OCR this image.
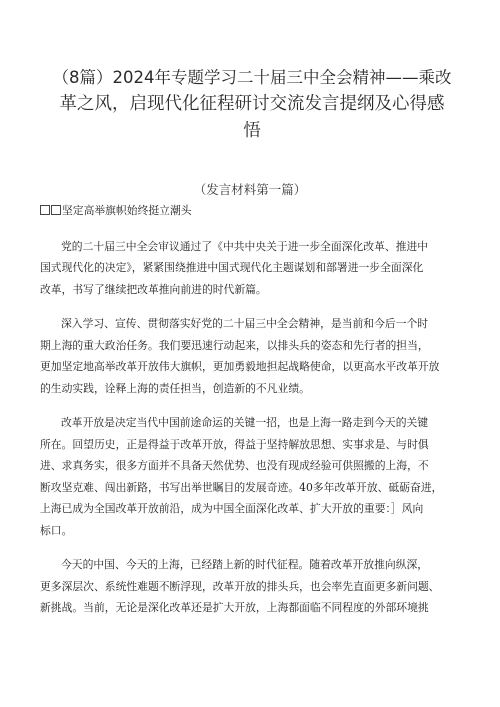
（8篇）2024年专题学习二十届三中全会精神——乘改
革之风，启现代化征程研讨交流发言提纲及心得感
悟

（发言材料第一篇）

坚定高举旗帜始终挺立潮头

党的二十届三中全会审议通过了《中共中央关于进一步全面深化改革、推进中
国式现代化的决定》，紧紧围绕推进中国式现代化主题谋划和部署进一步全面深化
改革，书写了继续把改革推向前进的时代新篇。

深入学习、宣传、贯彻落实好党的二十届三中全会精神，是当前和今后一个时
期上海的重大政治任务。我们要迅速行动起来，以排头兵的姿态和先行者的担当，
更加坚定地高举改革开放伟大旗帜，更加勇毅地担起战略使命，以更高水平改革开放
的生动实践，诠释上海的责任担当，创造新的不凡业绩。

改革开放是决定当代中国前途命运的关键一招，也是上海一路走到今天的关键
所在。回望历史，正是得益于改革开放，得益于坚持解放思想、实事求是、与时俱
进、求真务实，很多方面并不具备天然优势、也没有现成经验可供照搬的上海，不
断攻坚克难、闯出新路，书写出举世瞩目的发展奇迹。40多年改革开放、砥砺奋进，
上海已成为全国改革开放前沿，成为中国全面深化改革、扩大开放的重要：］风向
标口。

今天的中国、今天的上海，已经踏上新的时代征程。随着改革开放推向纵深，
更多深层次、系统性难题不断浮现，改革开放的排头兵，也会率先直面更多新问题、
新挑战。当前，无论是深化改革还是扩大开放，上海都面临不同程度的外部环境挑
